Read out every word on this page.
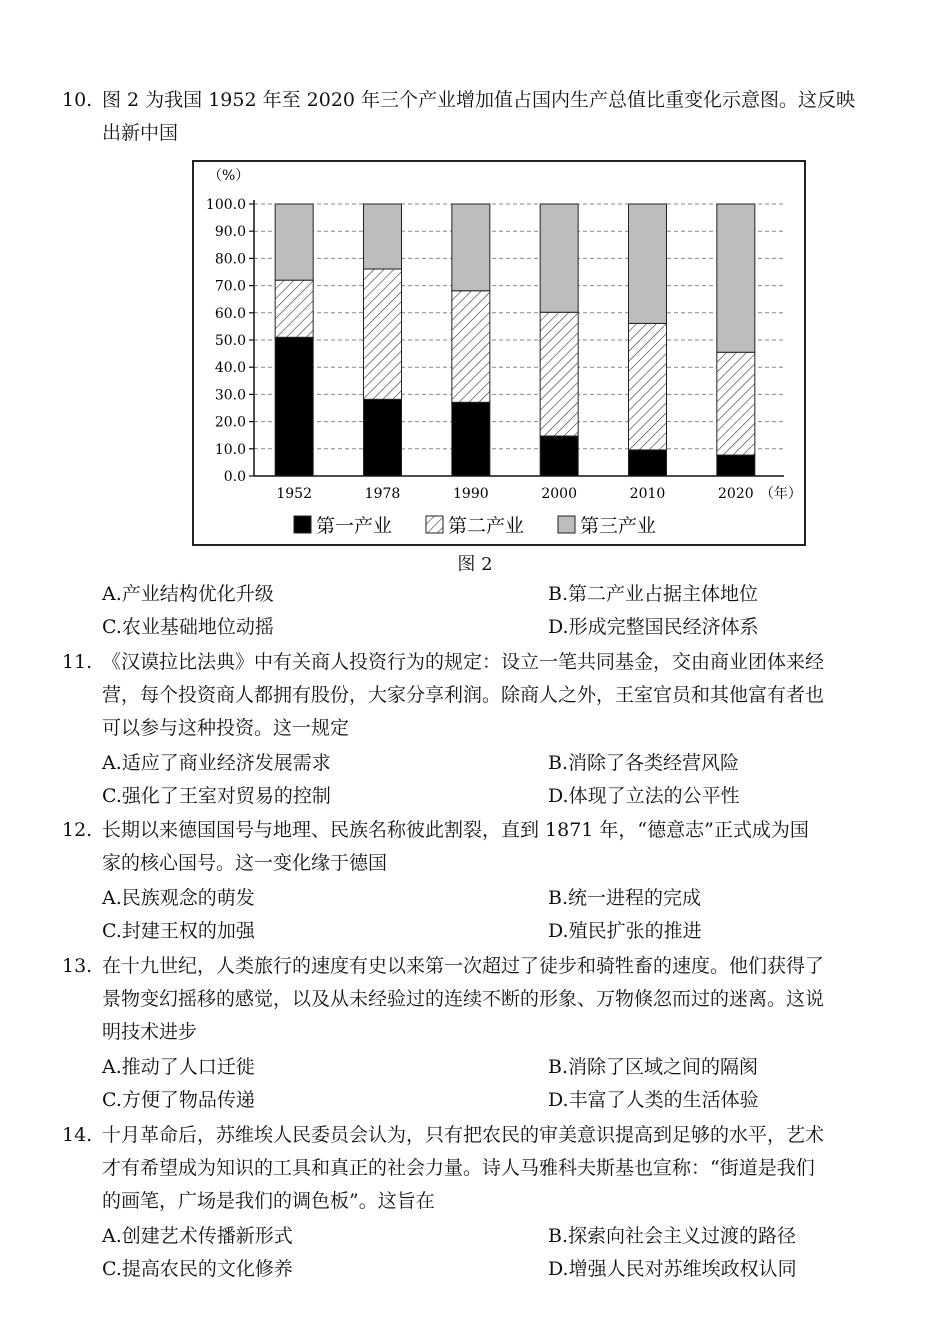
10. 图 2 为我国 1952 年至 2020 年三个产业增加值占国内生产总值比重变化示意图。这反映
出新中国
（%）
100.0
90.0
80.0
70.0
60.0
50.0
40.0
30.0
20.0
10.0
0.0
1952	1978	1990	2000	2010	2020 （年）
第一产业	第二产业	第三产业
图 2
A.产业结构优化升级	B.第二产业占据主体地位
C.农业基础地位动摇	D.形成完整国民经济体系
11. 《汉谟拉比法典》中有关商人投资行为的规定：设立一笔共同基金，交由商业团体来经
营，每个投资商人都拥有股份，大家分享利润。除商人之外，王室官员和其他富有者也
可以参与这种投资。这一规定
A.适应了商业经济发展需求	B.消除了各类经营风险
C.强化了王室对贸易的控制	D.体现了立法的公平性
12. 长期以来德国国号与地理、民族名称彼此割裂，直到 1871 年，“德意志”正式成为国
家的核心国号。这一变化缘于德国
A.民族观念的萌发	B.统一进程的完成
C.封建王权的加强	D.殖民扩张的推进
13. 在十九世纪，人类旅行的速度有史以来第一次超过了徒步和骑牲畜的速度。他们获得了
景物变幻摇移的感觉，以及从未经验过的连续不断的形象、万物倏忽而过的迷离。这说
明技术进步
A.推动了人口迁徙	B.消除了区域之间的隔阂
C.方便了物品传递	D.丰富了人类的生活体验
14. 十月革命后，苏维埃人民委员会认为，只有把农民的审美意识提高到足够的水平，艺术
才有希望成为知识的工具和真正的社会力量。诗人马雅科夫斯基也宣称：“街道是我们
的画笔，广场是我们的调色板”。这旨在
A.创建艺术传播新形式	B.探索向社会主义过渡的路径
C.提高农民的文化修养	D.增强人民对苏维埃政权认同
